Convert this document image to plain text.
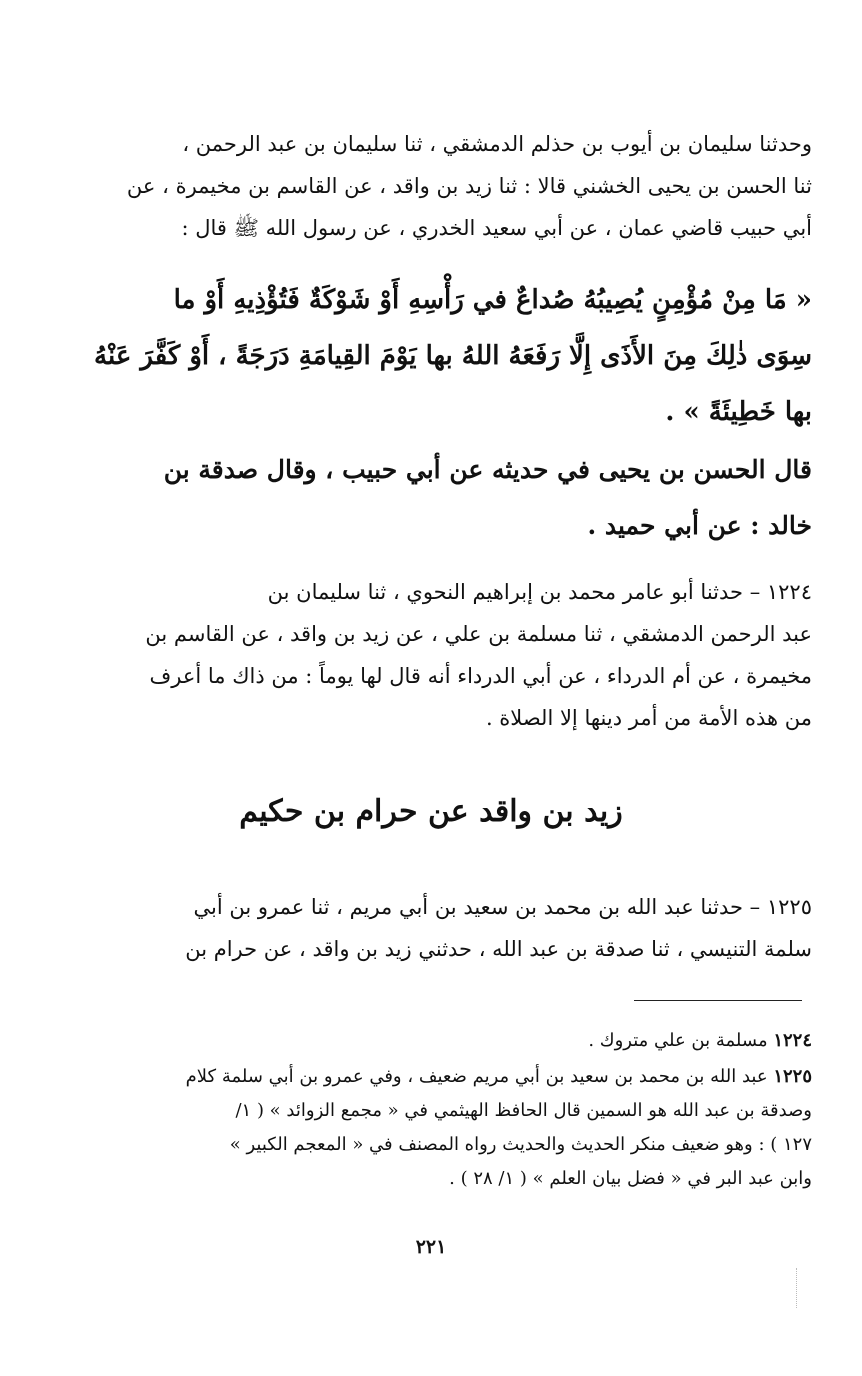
وحدثنا سليمان بن أيوب بن حذلم الدمشقي ، ثنا سليمان بن عبد الرحمن ،
ثنا الحسن بن يحيى الخشني قالا : ثنا زيد بن واقد ، عن القاسم بن مخيمرة ، عن
أبي حبيب قاضي عمان ، عن أبي سعيد الخدري ، عن رسول الله ﷺ قال :
« مَا مِنْ مُؤْمِنٍ يُصِيبُهُ صُداعٌ في رَأْسِهِ أَوْ شَوْكَةٌ فَتُؤْذِيهِ أَوْ ما
سِوَى ذٰلِكَ مِنَ الأَذَى إِلَّا رَفَعَهُ اللهُ بها يَوْمَ القِيامَةِ دَرَجَةً ، أَوْ كَفَّرَ عَنْهُ
بها خَطِيئَةً » .
قال الحسن بن يحيى في حديثه عن أبي حبيب ، وقال صدقة بن
خالد : عن أبي حميد .
١٢٢٤ – حدثنا أبو عامر محمد بن إبراهيم النحوي ، ثنا سليمان بن
عبد الرحمن الدمشقي ، ثنا مسلمة بن علي ، عن زيد بن واقد ، عن القاسم بن
مخيمرة ، عن أم الدرداء ، عن أبي الدرداء أنه قال لها يوماً : من ذاك ما أعرف
من هذه الأمة من أمر دينها إلا الصلاة .
زيد بن واقد عن حرام بن حكيم
١٢٢٥ – حدثنا عبد الله بن محمد بن سعيد بن أبي مريم ، ثنا عمرو بن أبي
سلمة التنيسي ، ثنا صدقة بن عبد الله ، حدثني زيد بن واقد ، عن حرام بن
١٢٢٤ مسلمة بن علي متروك .
١٢٢٥ عبد الله بن محمد بن سعيد بن أبي مريم ضعيف ، وفي عمرو بن أبي سلمة كلام
وصدقة بن عبد الله هو السمين قال الحافظ الهيثمي في « مجمع الزوائد » ( ١/
١٢٧ ) : وهو ضعيف منكر الحديث والحديث رواه المصنف في « المعجم الكبير »
وابن عبد البر في « فضل بيان العلم » ( ١/ ٢٨ ) .
٢٢١
